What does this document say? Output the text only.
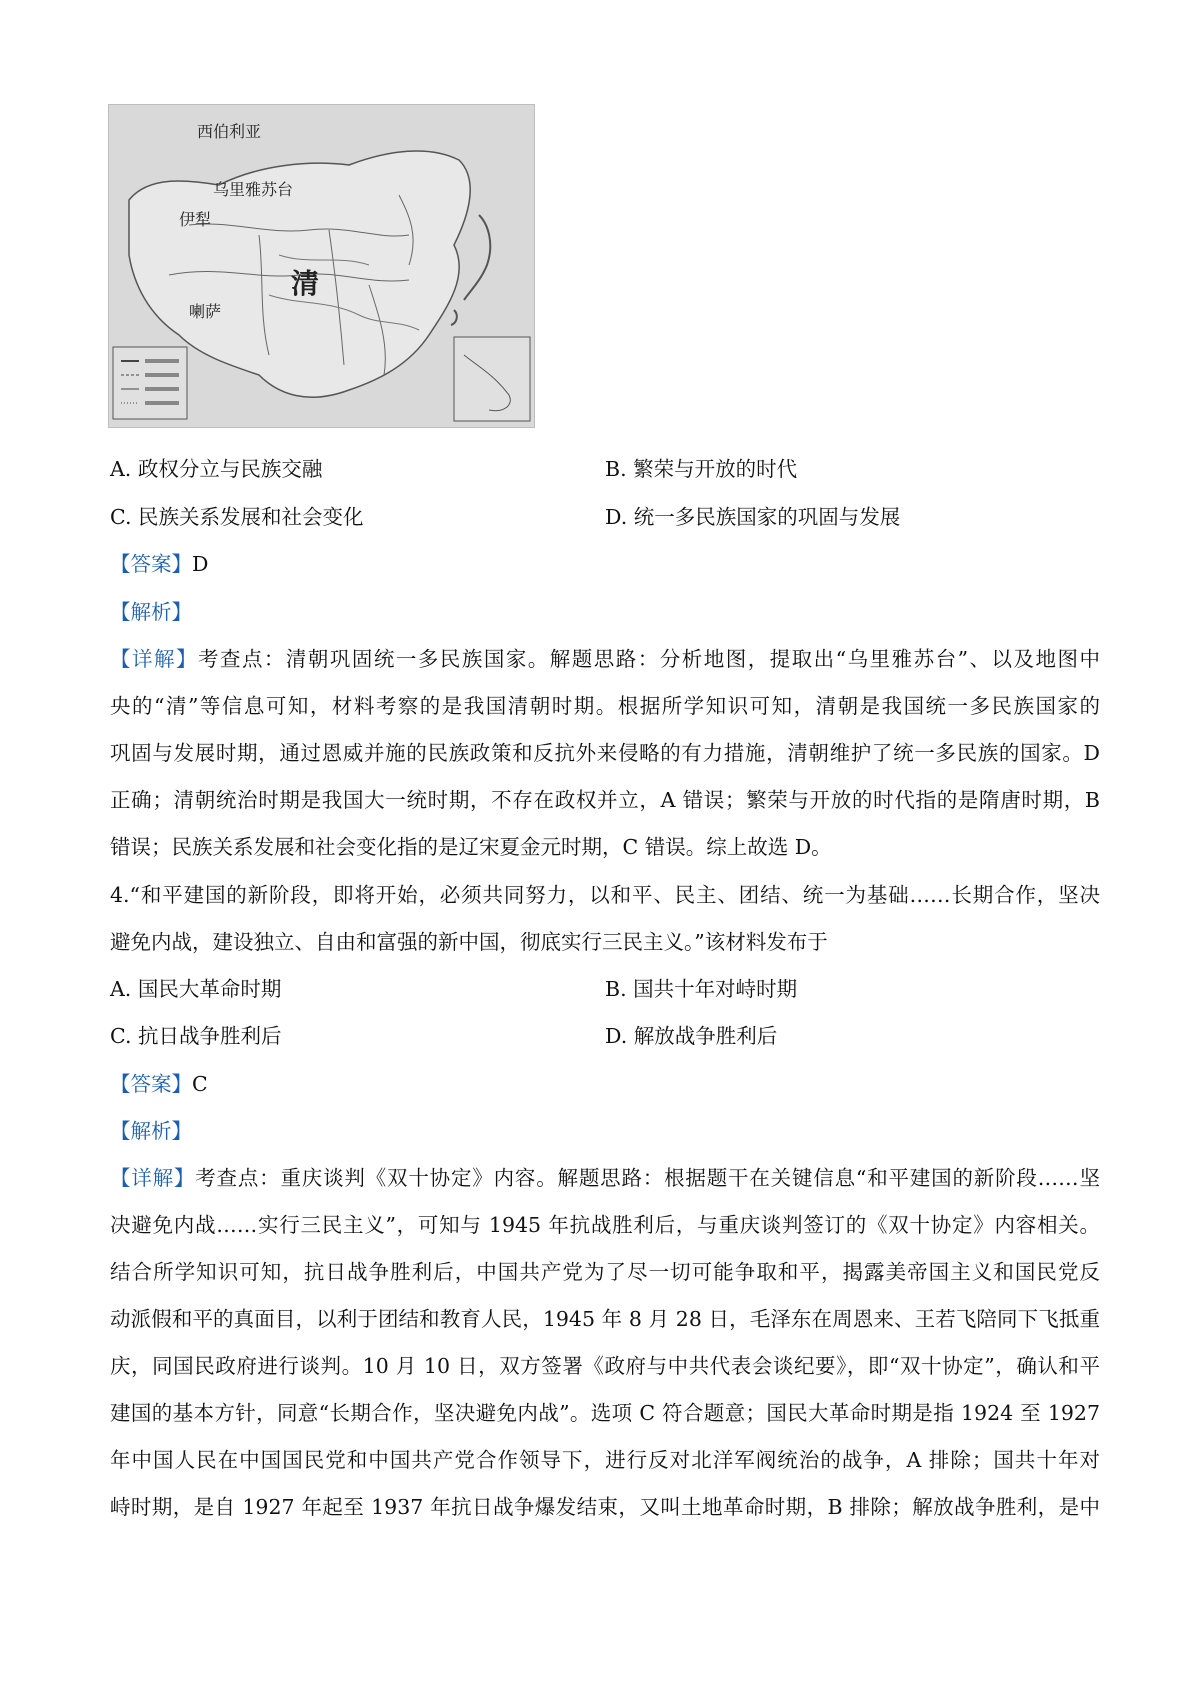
西伯利亚
乌里雅苏台
伊犁
清
喇萨
A. 政权分立与民族交融	B. 繁荣与开放的时代
C. 民族关系发展和社会变化	D. 统一多民族国家的巩固与发展
【答案】D
【解析】
【详解】考查点：清朝巩固统一多民族国家。解题思路：分析地图，提取出“乌里雅苏台”、以及地图中
央的“清”等信息可知，材料考察的是我国清朝时期。根据所学知识可知，清朝是我国统一多民族国家的
巩固与发展时期，通过恩威并施的民族政策和反抗外来侵略的有力措施，清朝维护了统一多民族的国家。D
正确；清朝统治时期是我国大一统时期，不存在政权并立，A 错误；繁荣与开放的时代指的是隋唐时期，B
错误；民族关系发展和社会变化指的是辽宋夏金元时期，C 错误。综上故选 D。
4.“和平建国的新阶段，即将开始，必须共同努力，以和平、民主、团结、统一为基础……长期合作，坚决
避免内战，建设独立、自由和富强的新中国，彻底实行三民主义。”该材料发布于
A. 国民大革命时期	B. 国共十年对峙时期
C. 抗日战争胜利后	D. 解放战争胜利后
【答案】C
【解析】
【详解】考查点：重庆谈判《双十协定》内容。解题思路：根据题干在关键信息“和平建国的新阶段……坚
决避免内战……实行三民主义”，可知与 1945 年抗战胜利后，与重庆谈判签订的《双十协定》内容相关。
结合所学知识可知，抗日战争胜利后，中国共产党为了尽一切可能争取和平，揭露美帝国主义和国民党反
动派假和平的真面目，以利于团结和教育人民，1945 年 8 月 28 日，毛泽东在周恩来、王若飞陪同下飞抵重
庆，同国民政府进行谈判。10 月 10 日，双方签署《政府与中共代表会谈纪要》，即“双十协定”，确认和平
建国的基本方针，同意“长期合作，坚决避免内战”。选项 C 符合题意；国民大革命时期是指 1924 至 1927
年中国人民在中国国民党和中国共产党合作领导下，进行反对北洋军阀统治的战争，A 排除；国共十年对
峙时期，是自 1927 年起至 1937 年抗日战争爆发结束，又叫土地革命时期，B 排除；解放战争胜利，是中
